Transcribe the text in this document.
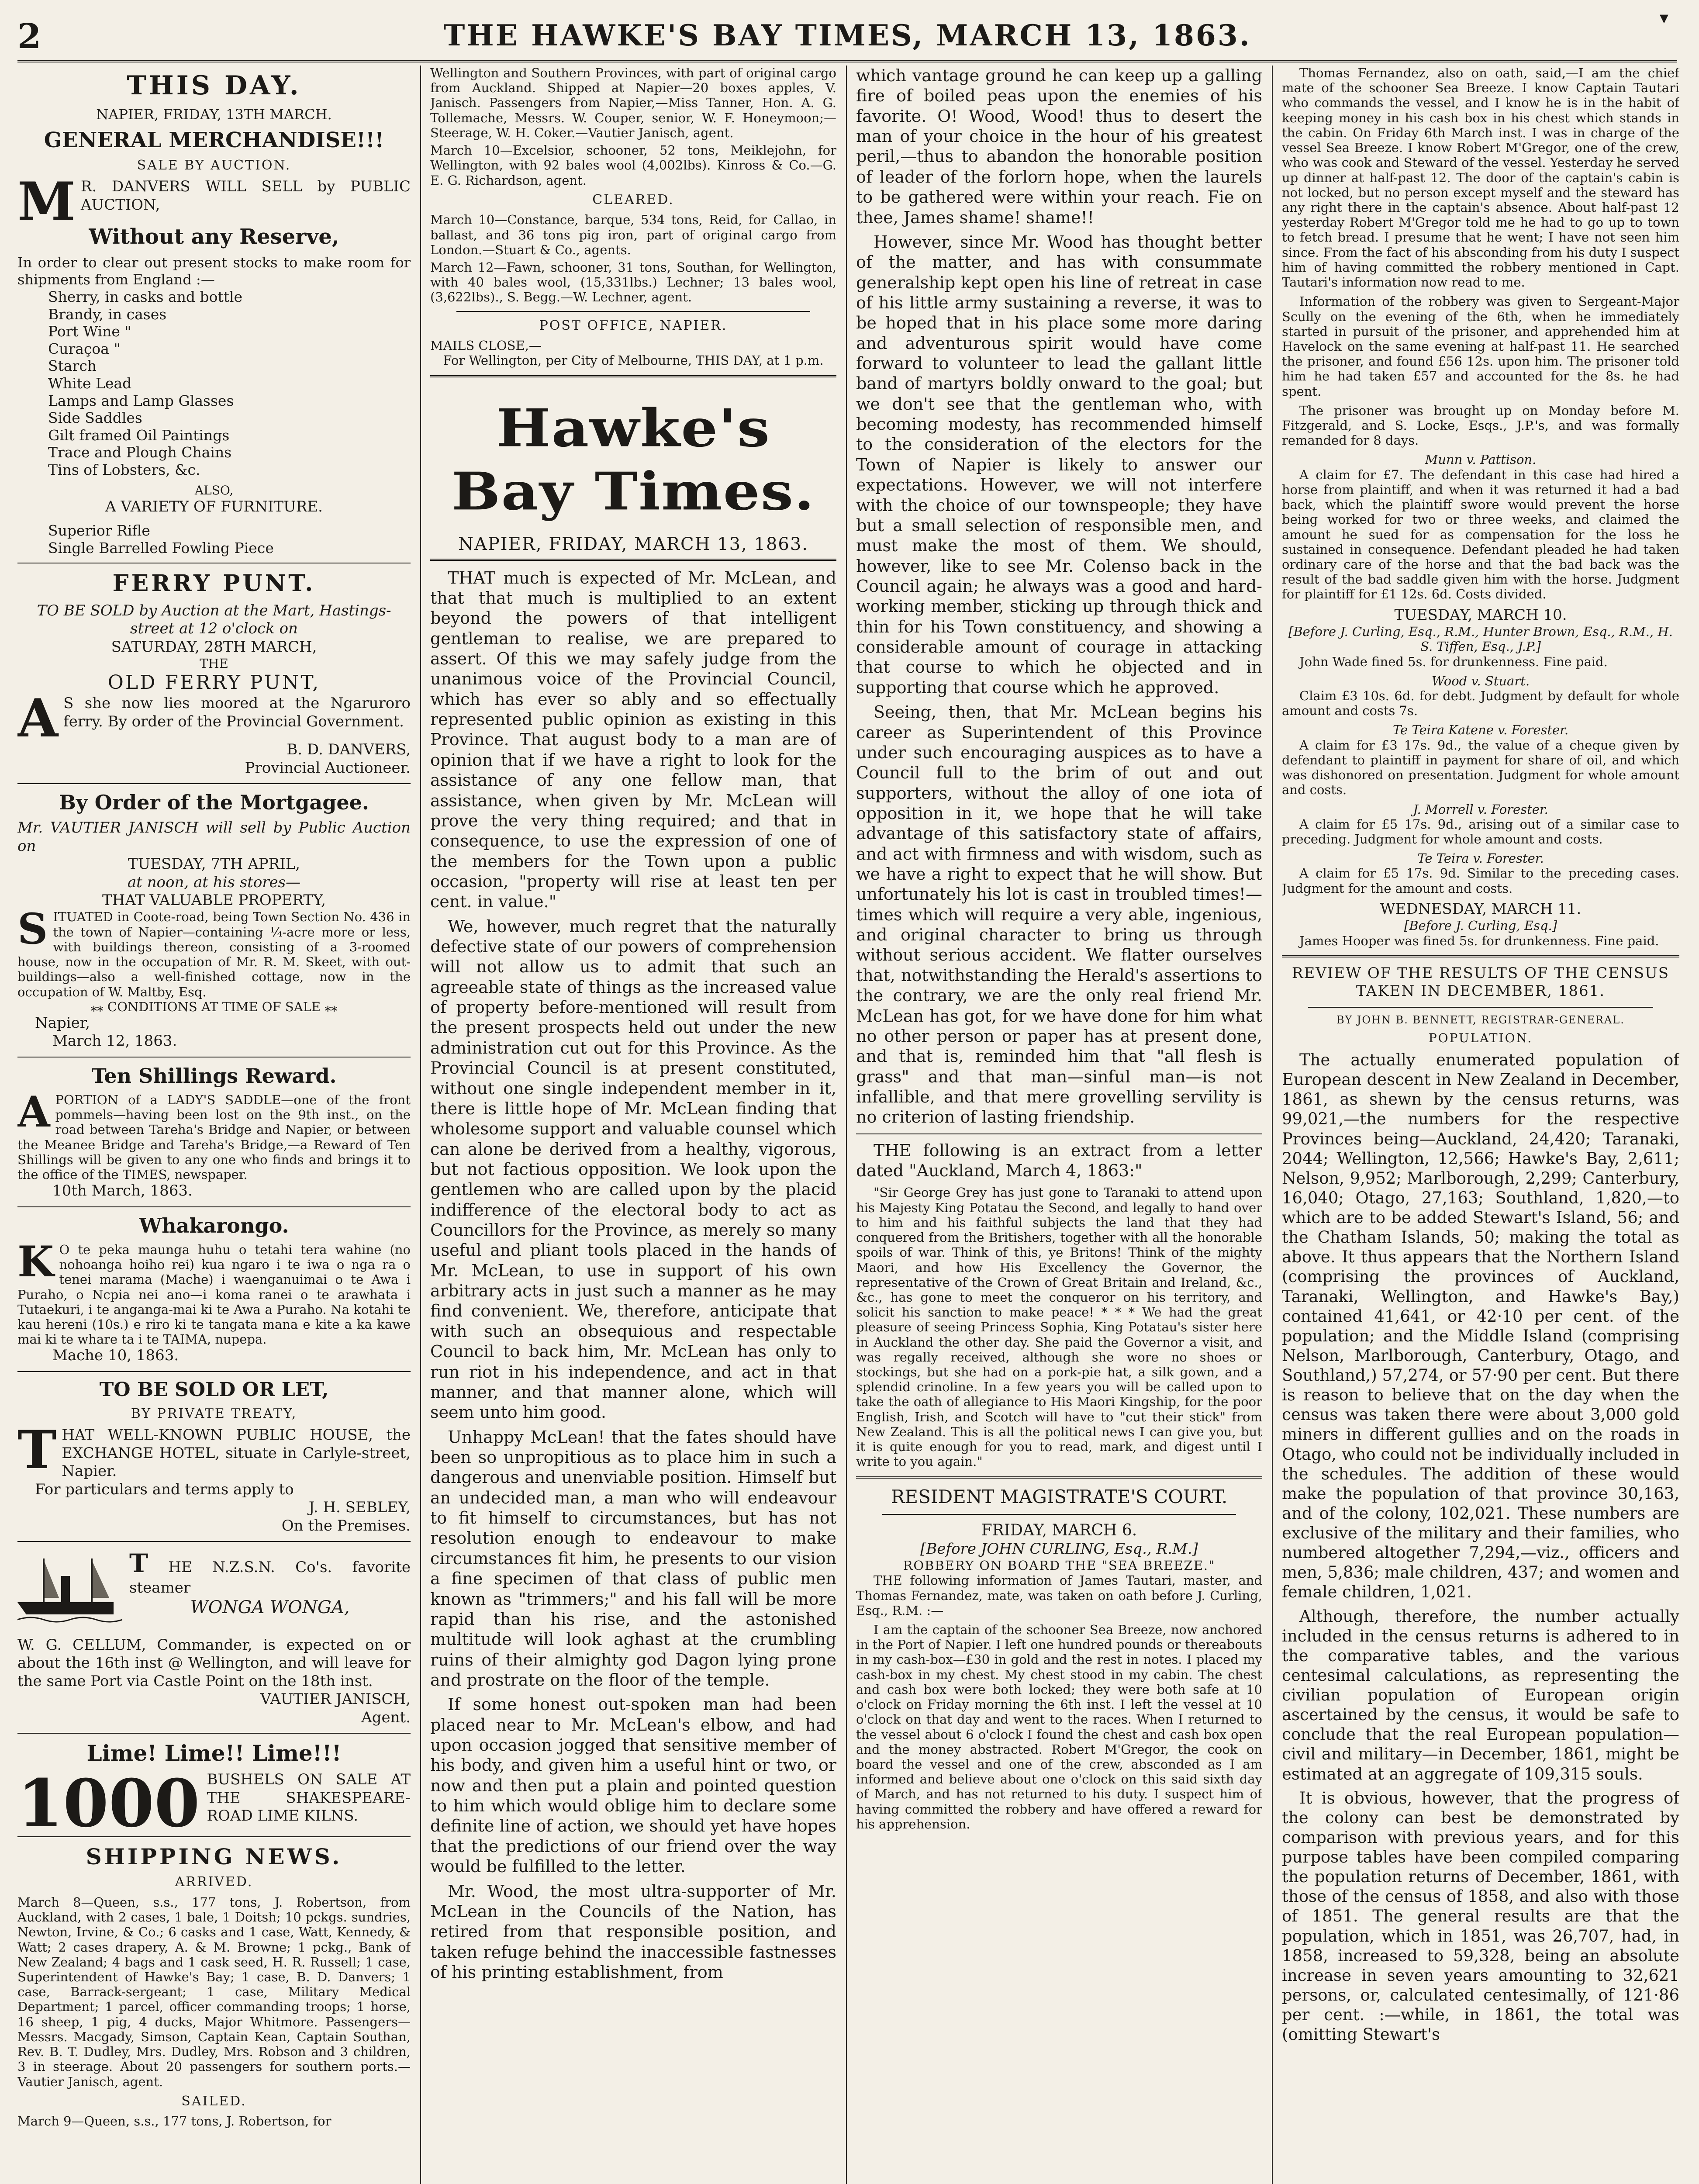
2	THE HAWKE'S BAY TIMES, MARCH 13, 1863.
▾
THIS DAY.
NAPIER, FRIDAY, 13TH MARCH.
GENERAL MERCHANDISE!!!
SALE BY AUCTION.
M R. DANVERS WILL SELL by PUBLIC AUCTION,
Without any Reserve,
In order to clear out present stocks to make room for shipments from England :—
Sherry, in casks and bottle
Brandy, in cases
Port Wine "
Curaçoa "
Starch
White Lead
Lamps and Lamp Glasses
Side Saddles
Gilt framed Oil Paintings
Trace and Plough Chains
Tins of Lobsters, &c.
ALSO,
A VARIETY OF FURNITURE.
Superior Rifle
Single Barrelled Fowling Piece
FERRY PUNT.
TO BE SOLD by Auction at the Mart, Hastings-street at 12 o'clock on
SATURDAY, 28TH MARCH,
THE
OLD FERRY PUNT,
A S she now lies moored at the Ngaruroro ferry. By order of the Provincial Government.
B. D. DANVERS,
Provincial Auctioneer.
By Order of the Mortgagee.
Mr. VAUTIER JANISCH will sell by Public Auction on
TUESDAY, 7TH APRIL,
at noon, at his stores—
THAT VALUABLE PROPERTY,
SITUATED in Coote-road, being Town Section No. 436 in the town of Napier—containing ¼-acre more or less, with buildings thereon, consisting of a 3-roomed house, now in the occupation of Mr. R. M. Skeet, with out-buildings—also a well-finished cottage, now in the occupation of W. Maltby, Esq.
⁎⁎ CONDITIONS AT TIME OF SALE ⁎⁎
Napier,
March 12, 1863.
Ten Shillings Reward.
APORTION of a LADY'S SADDLE—one of the front pommels—having been lost on the 9th inst., on the road between Tareha's Bridge and Napier, or between the Meanee Bridge and Tareha's Bridge,—a Reward of Ten Shillings will be given to any one who finds and brings it to the office of the TIMES, newspaper.
10th March, 1863.
Whakarongo.
K O te peka maunga huhu o tetahi tera wahine (no nohoanga hoiho rei) kua ngaro i te iwa o nga ra o tenei marama (Mache) i waenganuimai o te Awa i Puraho, o Ncpia nei ano—i koma ranei o te arawhata i Tutaekuri, i te anganga-mai ki te Awa a Puraho. Na kotahi te kau hereni (10s.) e riro ki te tangata mana e kite a ka kawe mai ki te whare ta i te TAIMA, nupepa.
Mache 10, 1863.
TO BE SOLD OR LET,
BY PRIVATE TREATY,
THAT WELL-KNOWN PUBLIC HOUSE, the EXCHANGE HOTEL, situate in Carlyle-street, Napier.
For particulars and terms apply to
J. H. SEBLEY,
On the Premises.
T HE N.Z.S.N. Co's. favorite steamer
WONGA WONGA,
W. G. CELLUM, Commander, is expected on or about the 16th inst @ Wellington, and will leave for the same Port via Castle Point on the 18th inst.
VAUTIER JANISCH,
Agent.
Lime! Lime!! Lime!!!
1000 BUSHELS ON SALE AT THE SHAKESPEARE-ROAD LIME KILNS.
SHIPPING NEWS.
ARRIVED.
March 8—Queen, s.s., 177 tons, J. Robertson, from Auckland, with 2 cases, 1 bale, 1 Doitsh; 10 pckgs. sundries, Newton, Irvine, & Co.; 6 casks and 1 case, Watt, Kennedy, & Watt; 2 cases drapery, A. & M. Browne; 1 pckg., Bank of New Zealand; 4 bags and 1 cask seed, H. R. Russell; 1 case, Superintendent of Hawke's Bay; 1 case, B. D. Danvers; 1 case, Barrack-sergeant; 1 case, Military Medical Department; 1 parcel, officer commanding troops; 1 horse, 16 sheep, 1 pig, 4 ducks, Major Whitmore. Passengers—Messrs. Macgady, Simson, Captain Kean, Captain Southan, Rev. B. T. Dudley, Mrs. Dudley, Mrs. Robson and 3 children, 3 in steerage. About 20 passengers for southern ports.—Vautier Janisch, agent.
SAILED.
March 9—Queen, s.s., 177 tons, J. Robertson, for
Wellington and Southern Provinces, with part of original cargo from Auckland. Shipped at Napier—20 boxes apples, V. Janisch. Passengers from Napier,—Miss Tanner, Hon. A. G. Tollemache, Messrs. W. Couper, senior, W. F. Honeymoon;—Steerage, W. H. Coker.—Vautier Janisch, agent.
March 10—Excelsior, schooner, 52 tons, Meiklejohn, for Wellington, with 92 bales wool (4,002lbs). Kinross & Co.—G. E. G. Richardson, agent.
CLEARED.
March 10—Constance, barque, 534 tons, Reid, for Callao, in ballast, and 36 tons pig iron, part of original cargo from London.—Stuart & Co., agents.
March 12—Fawn, schooner, 31 tons, Southan, for Wellington, with 40 bales wool, (15,331lbs.) Lechner; 13 bales wool, (3,622lbs)., S. Begg.—W. Lechner, agent.
POST OFFICE, NAPIER.
MAILS CLOSE,—
For Wellington, per City of Melbourne, THIS DAY, at 1 p.m.
Hawke's Bay Times.
NAPIER, FRIDAY, MARCH 13, 1863.

THAT much is expected of Mr. McLean, and that that much is multiplied to an extent beyond the powers of that intelligent gentleman to realise, we are prepared to assert. Of this we may safely judge from the unanimous voice of the Provincial Council, which has ever so ably and so effectually represented public opinion as existing in this Province. That august body to a man are of opinion that if we have a right to look for the assistance of any one fellow man, that assistance, when given by Mr. McLean will prove the very thing required; and that in consequence, to use the expression of one of the members for the Town upon a public occasion, "property will rise at least ten per cent. in value."

We, however, much regret that the naturally defective state of our powers of comprehension will not allow us to admit that such an agreeable state of things as the increased value of property before-mentioned will result from the present prospects held out under the new administration cut out for this Province. As the Provincial Council is at present constituted, without one single independent member in it, there is little hope of Mr. McLean finding that wholesome support and valuable counsel which can alone be derived from a healthy, vigorous, but not factious opposition. We look upon the gentlemen who are called upon by the placid indifference of the electoral body to act as Councillors for the Province, as merely so many useful and pliant tools placed in the hands of Mr. McLean, to use in support of his own arbitrary acts in just such a manner as he may find convenient. We, therefore, anticipate that with such an obsequious and respectable Council to back him, Mr. McLean has only to run riot in his independence, and act in that manner, and that manner alone, which will seem unto him good.

Unhappy McLean! that the fates should have been so unpropitious as to place him in such a dangerous and unenviable position. Himself but an undecided man, a man who will endeavour to fit himself to circumstances, but has not resolution enough to endeavour to make circumstances fit him, he presents to our vision a fine specimen of that class of public men known as "trimmers;" and his fall will be more rapid than his rise, and the astonished multitude will look aghast at the crumbling ruins of their almighty god Dagon lying prone and prostrate on the floor of the temple.

If some honest out-spoken man had been placed near to Mr. McLean's elbow, and had upon occasion jogged that sensitive member of his body, and given him a useful hint or two, or now and then put a plain and pointed question to him which would oblige him to declare some definite line of action, we should yet have hopes that the predictions of our friend over the way would be fulfilled to the letter.

Mr. Wood, the most ultra-supporter of Mr. McLean in the Councils of the Nation, has retired from that responsible position, and taken refuge behind the inaccessible fastnesses of his printing establishment, from

which vantage ground he can keep up a galling fire of boiled peas upon the enemies of his favorite. O! Wood, Wood! thus to desert the man of your choice in the hour of his greatest peril,—thus to abandon the honorable position of leader of the forlorn hope, when the laurels to be gathered were within your reach. Fie on thee, James shame! shame!!

However, since Mr. Wood has thought better of the matter, and has with consummate generalship kept open his line of retreat in case of his little army sustaining a reverse, it was to be hoped that in his place some more daring and adventurous spirit would have come forward to volunteer to lead the gallant little band of martyrs boldly onward to the goal; but we don't see that the gentleman who, with becoming modesty, has recommended himself to the consideration of the electors for the Town of Napier is likely to answer our expectations. However, we will not interfere with the choice of our townspeople; they have but a small selection of responsible men, and must make the most of them. We should, however, like to see Mr. Colenso back in the Council again; he always was a good and hard-working member, sticking up through thick and thin for his Town constituency, and showing a considerable amount of courage in attacking that course to which he objected and in supporting that course which he approved.

Seeing, then, that Mr. McLean begins his career as Superintendent of this Province under such encouraging auspices as to have a Council full to the brim of out and out supporters, without the alloy of one iota of opposition in it, we hope that he will take advantage of this satisfactory state of affairs, and act with firmness and with wisdom, such as we have a right to expect that he will show. But unfortunately his lot is cast in troubled times!—times which will require a very able, ingenious, and original character to bring us through without serious accident. We flatter ourselves that, notwithstanding the Herald's assertions to the contrary, we are the only real friend Mr. McLean has got, for we have done for him what no other person or paper has at present done, and that is, reminded him that "all flesh is grass" and that man—sinful man—is not infallible, and that mere grovelling servility is no criterion of lasting friendship.

THE following is an extract from a letter dated "Auckland, March 4, 1863:"

"Sir George Grey has just gone to Taranaki to attend upon his Majesty King Potatau the Second, and legally to hand over to him and his faithful subjects the land that they had conquered from the Britishers, together with all the honorable spoils of war. Think of this, ye Britons! Think of the mighty Maori, and how His Excellency the Governor, the representative of the Crown of Great Britain and Ireland, &c., &c., has gone to meet the conqueror on his territory, and solicit his sanction to make peace! * * * We had the great pleasure of seeing Princess Sophia, King Potatau's sister here in Auckland the other day. She paid the Governor a visit, and was regally received, although she wore no shoes or stockings, but she had on a pork-pie hat, a silk gown, and a splendid crinoline. In a few years you will be called upon to take the oath of allegiance to His Maori Kingship, for the poor English, Irish, and Scotch will have to "cut their stick" from New Zealand. This is all the political news I can give you, but it is quite enough for you to read, mark, and digest until I write to you again."

RESIDENT MAGISTRATE'S COURT.
FRIDAY, MARCH 6.
[Before JOHN CURLING, Esq., R.M.]
ROBBERY ON BOARD THE "SEA BREEZE."

THE following information of James Tautari, master, and Thomas Fernandez, mate, was taken on oath before J. Curling, Esq., R.M. :—

I am the captain of the schooner Sea Breeze, now anchored in the Port of Napier. I left one hundred pounds or thereabouts in my cash-box—£30 in gold and the rest in notes. I placed my cash-box in my chest. My chest stood in my cabin. The chest and cash box were both locked; they were both safe at 10 o'clock on Friday morning the 6th inst. I left the vessel at 10 o'clock on that day and went to the races. When I returned to the vessel about 6 o'clock I found the chest and cash box open and the money abstracted. Robert M'Gregor, the cook on board the vessel and one of the crew, absconded as I am informed and believe about one o'clock on this said sixth day of March, and has not returned to his duty. I suspect him of having committed the robbery and have offered a reward for his apprehension.

Thomas Fernandez, also on oath, said,—I am the chief mate of the schooner Sea Breeze. I know Captain Tautari who commands the vessel, and I know he is in the habit of keeping money in his cash box in his chest which stands in the cabin. On Friday 6th March inst. I was in charge of the vessel Sea Breeze. I know Robert M'Gregor, one of the crew, who was cook and Steward of the vessel. Yesterday he served up dinner at half-past 12. The door of the captain's cabin is not locked, but no person except myself and the steward has any right there in the captain's absence. About half-past 12 yesterday Robert M'Gregor told me he had to go up to town to fetch bread. I presume that he went; I have not seen him since. From the fact of his absconding from his duty I suspect him of having committed the robbery mentioned in Capt. Tautari's information now read to me.

Information of the robbery was given to Sergeant-Major Scully on the evening of the 6th, when he immediately started in pursuit of the prisoner, and apprehended him at Havelock on the same evening at half-past 11. He searched the prisoner, and found £56 12s. upon him. The prisoner told him he had taken £57 and accounted for the 8s. he had spent.

The prisoner was brought up on Monday before M. Fitzgerald, and S. Locke, Esqs., J.P.'s, and was formally remanded for 8 days.

Munn v. Pattison.

A claim for £7. The defendant in this case had hired a horse from plaintiff, and when it was returned it had a bad back, which the plaintiff swore would prevent the horse being worked for two or three weeks, and claimed the amount he sued for as compensation for the loss he sustained in consequence. Defendant pleaded he had taken ordinary care of the horse and that the bad back was the result of the bad saddle given him with the horse. Judgment for plaintiff for £1 12s. 6d. Costs divided.

TUESDAY, MARCH 10.
[Before J. Curling, Esq., R.M., Hunter Brown, Esq., R.M., H. S. Tiffen, Esq., J.P.]

John Wade fined 5s. for drunkenness. Fine paid.

Wood v. Stuart.

Claim £3 10s. 6d. for debt. Judgment by default for whole amount and costs 7s.

Te Teira Katene v. Forester.

A claim for £3 17s. 9d., the value of a cheque given by defendant to plaintiff in payment for share of oil, and which was dishonored on presentation. Judgment for whole amount and costs.

J. Morrell v. Forester.

A claim for £5 17s. 9d., arising out of a similar case to preceding. Judgment for whole amount and costs.

Te Teira v. Forester.

A claim for £5 17s. 9d. Similar to the preceding cases. Judgment for the amount and costs.

WEDNESDAY, MARCH 11.
[Before J. Curling, Esq.]

James Hooper was fined 5s. for drunkenness. Fine paid.

REVIEW OF THE RESULTS OF THE CENSUS TAKEN IN DECEMBER, 1861.
BY JOHN B. BENNETT, REGISTRAR-GENERAL.
POPULATION.

The actually enumerated population of European descent in New Zealand in December, 1861, as shewn by the census returns, was 99,021,—the numbers for the respective Provinces being—Auckland, 24,420; Taranaki, 2044; Wellington, 12,566; Hawke's Bay, 2,611; Nelson, 9,952; Marlborough, 2,299; Canterbury, 16,040; Otago, 27,163; Southland, 1,820,—to which are to be added Stewart's Island, 56; and the Chatham Islands, 50; making the total as above. It thus appears that the Northern Island (comprising the provinces of Auckland, Taranaki, Wellington, and Hawke's Bay,) contained 41,641, or 42·10 per cent. of the population; and the Middle Island (comprising Nelson, Marlborough, Canterbury, Otago, and Southland,) 57,274, or 57·90 per cent. But there is reason to believe that on the day when the census was taken there were about 3,000 gold miners in different gullies and on the roads in Otago, who could not be individually included in the schedules. The addition of these would make the population of that province 30,163, and of the colony, 102,021. These numbers are exclusive of the military and their families, who numbered altogether 7,294,—viz., officers and men, 5,836; male children, 437; and women and female children, 1,021.

Although, therefore, the number actually included in the census returns is adhered to in the comparative tables, and the various centesimal calculations, as representing the civilian population of European origin ascertained by the census, it would be safe to conclude that the real European population—civil and military—in December, 1861, might be estimated at an aggregate of 109,315 souls.

It is obvious, however, that the progress of the colony can best be demonstrated by comparison with previous years, and for this purpose tables have been compiled comparing the population returns of December, 1861, with those of the census of 1858, and also with those of 1851. The general results are that the population, which in 1851, was 26,707, had, in 1858, increased to 59,328, being an absolute increase in seven years amounting to 32,621 persons, or, calculated centesimally, of 121·86 per cent. :—while, in 1861, the total was (omitting Stewart's
